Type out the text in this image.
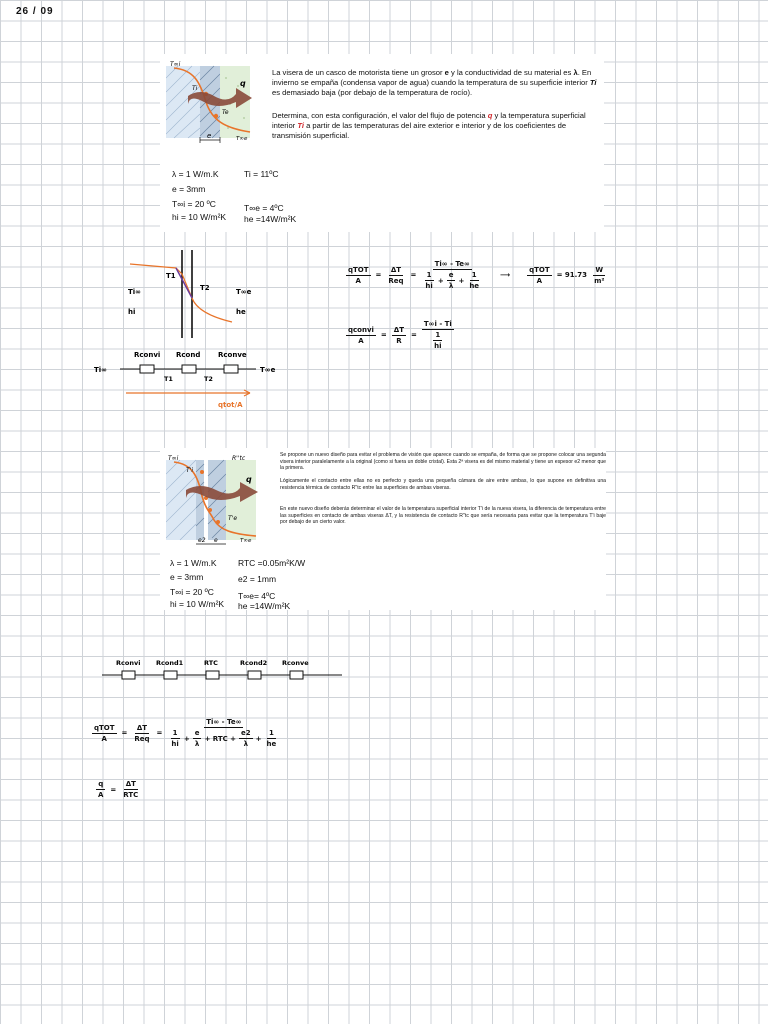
26 / 09
T∞i
Ti
q
Te
e	T∞e
La visera de un casco de motorista tiene un grosor e y la conductividad de su material es λ. En invierno se empaña (condensa vapor de agua) cuando la temperatura de su superficie interior Ti es demasiado baja (por debajo de la temperatura de rocío).
Determina, con esta configuración, el valor del flujo de potencia q y la temperatura superficial interior Ti a partir de las temperaturas del aire exterior e interior y de los coeficientes de transmisión superficial.
λ = 1 W/m.K
e = 3mm
T∞i = 20 ºC
hi = 10 W/m²K
Ti = 11ºC
T∞e = 4ºC
he =14W/m²K
T1
T2
Ti∞
hi
T∞e
he
Rconvi Rcond	Rconve
Ti∞	T∞e
T1	T2
qtot/A
$\frac{\text{qTOT}}{A} = \frac{\Delta T}{\text{Req}} = \frac{Ti\infty - Te\infty}{\frac{1}{hi} + \frac{e}{\lambda} + \frac{1}{he}}$ ⟶ $\frac{\text{qTOT}}{A} = 91.73 \frac{W}{\text{m²}}$
$\frac{\text{qconvi}}{A} = \frac{\Delta T}{R} = \frac{T\infty i - Ti}{\frac{1}{hi}}$
T∞i
T'i
R''tc
q
T'e
e2 e	T∞e
Se propone un nuevo diseño para evitar el problema de visión que aparece cuando se empaña, de forma que se propone colocar una segunda visera interior paralelamente a la original (como si fuera un doble cristal). Esta 2ª visera es del mismo material y tiene un espesor e2 menor que la primera.
Lógicamente el contacto entre ellas no es perfecto y queda una pequeña cámara de aire entre ambas, lo que supone en definitiva una resistencia térmica de contacto R''tc entre las superficies de ambas viseras.
En este nuevo diseño deberás determinar el valor de la temperatura superficial interior T'i de la nueva visera, la diferencia de temperatura entre las superficies en contacto de ambas viseras ΔT, y la resistencia de contacto R''tc que sería necesaria para evitar que la temperatura T'i baje por debajo de un cierto valor.
λ = 1 W/m.K
e = 3mm
T∞i = 20 ºC
hi = 10 W/m²K
RTC =0.05m²K/W
e2 = 1mm
T∞e= 4ºC
he =14W/m²K
Rconvi Rcond1	RTC	Rcond2 Rconve
$\frac{\text{qTOT}}{A} = \frac{\Delta T}{\text{Req}}$ =
Ti∞ - Te∞
$\frac{1}{hi} + \frac{e}{\lambda}$ + RTC + $\frac{e2}{\lambda} + \frac{1}{he}$
$\frac{q}{A} = \frac{\Delta T}{\text{RTC}}$
